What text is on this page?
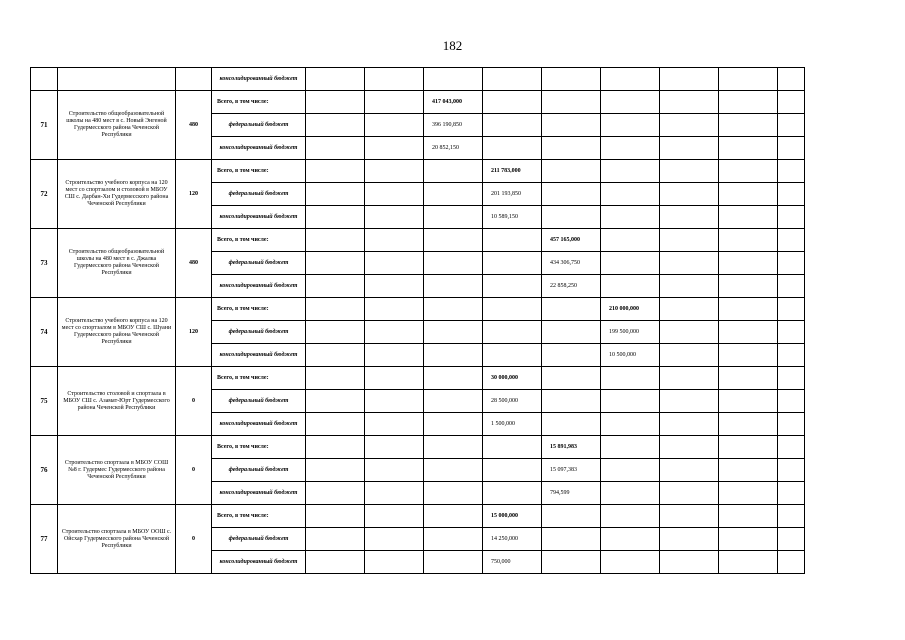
182
			консолидированный бюджет									
71	Строительство общеобразовательной школы на 480 мест в с. Новый Энгеной Гудермесского района Чеченской Республики	480	Всего, в том числе:			417 043,000						

			федеральный бюджет			396 190,850						

			консолидированный бюджет			20 852,150						

72	Строительство учебного корпуса на 120 мест со спортзалом и столовой в МБОУ СШ с. Дарбан-Хи Гудермесского района Чеченской Республики	120	Всего, в том числе:				211 783,000					

			федеральный бюджет				201 193,850					

			консолидированный бюджет				10 589,150					

73	Строительство общеобразовательной школы на 480 мест в с. Джалка Гудермесского района Чеченской Республики	480	Всего, в том числе:					457 165,000				

			федеральный бюджет					434 306,750				

			консолидированный бюджет					22 858,250				

74	Строительство учебного корпуса на 120 мест со спортзалом в МБОУ СШ с. Шуани Гудермесского района Чеченской Республики	120	Всего, в том числе:						210 000,000			

			федеральный бюджет						199 500,000			

			консолидированный бюджет						10 500,000			

75	Строительство столовой и спортзала в МБОУ СШ с. Азамат-Юрт Гудермесского района Чеченской Республики	0	Всего, в том числе:				30 000,000					

			федеральный бюджет				28 500,000					

			консолидированный бюджет				1 500,000					

76	Строительство спортзала в МБОУ СОШ №8 г. Гудермес Гудермесского района Чеченской Республики	0	Всего, в том числе:					15 891,983				

			федеральный бюджет					15 097,383				

			консолидированный бюджет					794,599				

77	Строительство спортзала в МБОУ ООШ с. Ойсхар Гудермесского района Чеченской Республики	0	Всего, в том числе:				15 000,000					

			федеральный бюджет				14 250,000					

			консолидированный бюджет				750,000					
